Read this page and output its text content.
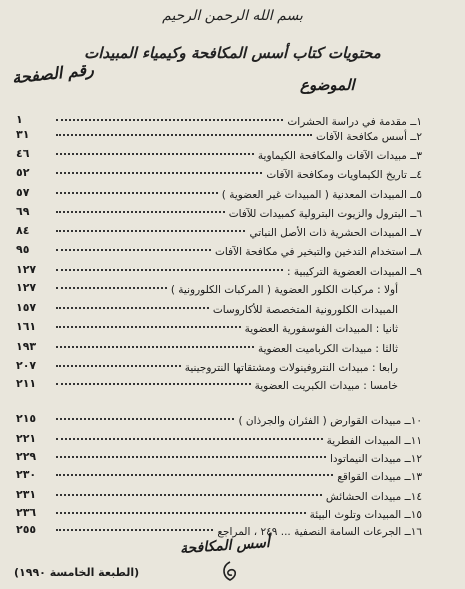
بسم الله الرحمن الرحيم
محتويات كتاب أسس المكافحة وكيمياء المبيدات
الموضوع
رقم الصفحة
١ــ مقدمة في دراسة الحشرات
١
٢ــ أسس مكافحة الآفات
٣١
٣ــ مبيدات الآفات والمكافحة الكيماوية
٤٦
٤ــ تاريخ الكيماويات ومكافحة الآفات
٥٢
٥ــ المبيدات المعدنية ( المبيدات غير العضوية )
٥٧
٦ــ البترول والزيوت البترولية كمبيدات للآفات
٦٩
٧ــ المبيدات الحشرية ذات الأصل النباتي
٨٤
٨ــ استخدام التدخين والتبخير في مكافحة الآفات
٩٥
٩ــ المبيدات العضوية التركيبية :
١٢٧
أولا : مركبات الكلور العضوية ( المركبات الكلورونية )
١٢٧
المبيدات الكلورونية المتخصصة للأكاروسات
١٥٧
ثانيا : المبيدات الفوسفورية العضوية
١٦١
ثالثا : مبيدات الكرباميت العضوية
١٩٣
رابعا : مبيدات النتروفينولات ومشتقاتها النتروجينية
٢٠٧
خامسا : مبيدات الكبريت العضوية
٢١١
١٠ــ مبيدات القوارض ( الفئران والجرذان )
٢١٥
١١ــ المبيدات الفطرية
٢٢١
١٢ــ مبيدات النيماتودا
٢٢٩
١٣ــ مبيدات القواقع
٢٣٠
١٤ــ مبيدات الحشائش
٢٣١
١٥ــ المبيدات وتلوث البيئة
٢٣٦
١٦ــ الجرعات السامة النصفية ... ٢٤٩ ، المراجع
٢٥٥
أسس المكافحة
(الطبعة الخامسة ١٩٩٠)
